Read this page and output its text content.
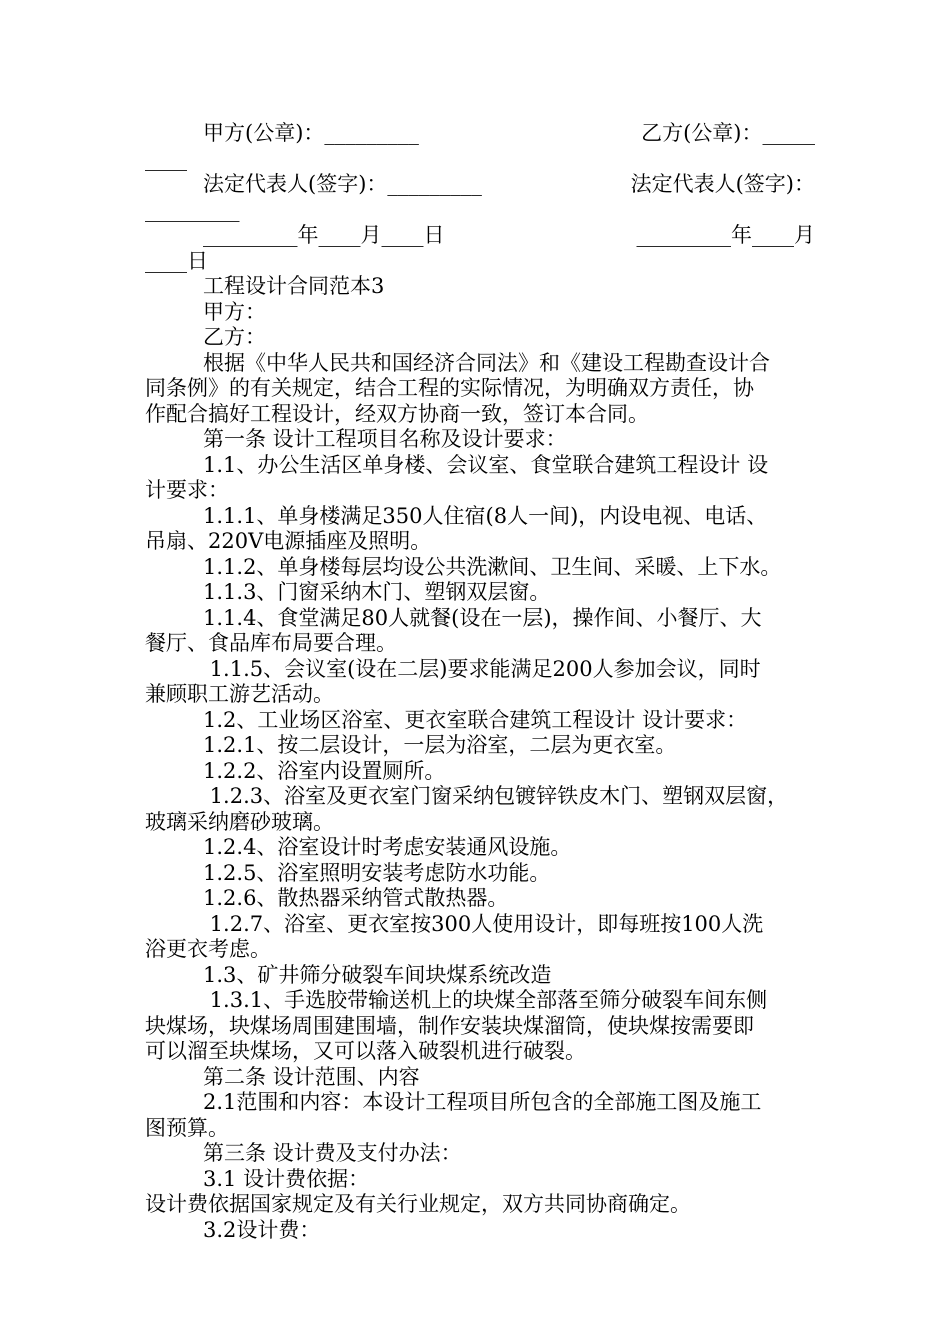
甲方(公章)：_________	乙方(公章)：_____
____
法定代表人(签字)：_________	法定代表人(签字)：
_________
_________年____月____日	_________年____月
____日
工程设计合同范本3
甲方：
乙方：
根据《中华人民共和国经济合同法》和《建设工程勘查设计合
同条例》的有关规定，结合工程的实际情况，为明确双方责任，协
作配合搞好工程设计，经双方协商一致，签订本合同。
第一条 设计工程项目名称及设计要求：
1.1、办公生活区单身楼、会议室、食堂联合建筑工程设计 设
计要求：
1.1.1、单身楼满足350人住宿(8人一间)，内设电视、电话、
吊扇、220V电源插座及照明。
1.1.2、单身楼每层均设公共洗漱间、卫生间、采暖、上下水。
1.1.3、门窗采纳木门、塑钢双层窗。
1.1.4、食堂满足80人就餐(设在一层)，操作间、小餐厅、大
餐厅、食品库布局要合理。
1.1.5、会议室(设在二层)要求能满足200人参加会议，同时
兼顾职工游艺活动。
1.2、工业场区浴室、更衣室联合建筑工程设计 设计要求：
1.2.1、按二层设计，一层为浴室，二层为更衣室。
1.2.2、浴室内设置厕所。
1.2.3、浴室及更衣室门窗采纳包镀锌铁皮木门、塑钢双层窗，
玻璃采纳磨砂玻璃。
1.2.4、浴室设计时考虑安装通风设施。
1.2.5、浴室照明安装考虑防水功能。
1.2.6、散热器采纳管式散热器。
1.2.7、浴室、更衣室按300人使用设计，即每班按100人洗
浴更衣考虑。
1.3、矿井筛分破裂车间块煤系统改造
1.3.1、手选胶带输送机上的块煤全部落至筛分破裂车间东侧
块煤场，块煤场周围建围墙，制作安装块煤溜筒，使块煤按需要即
可以溜至块煤场，又可以落入破裂机进行破裂。
第二条 设计范围、内容
2.1范围和内容：本设计工程项目所包含的全部施工图及施工
图预算。
第三条 设计费及支付办法：
3.1 设计费依据：
设计费依据国家规定及有关行业规定，双方共同协商确定。
3.2设计费：
